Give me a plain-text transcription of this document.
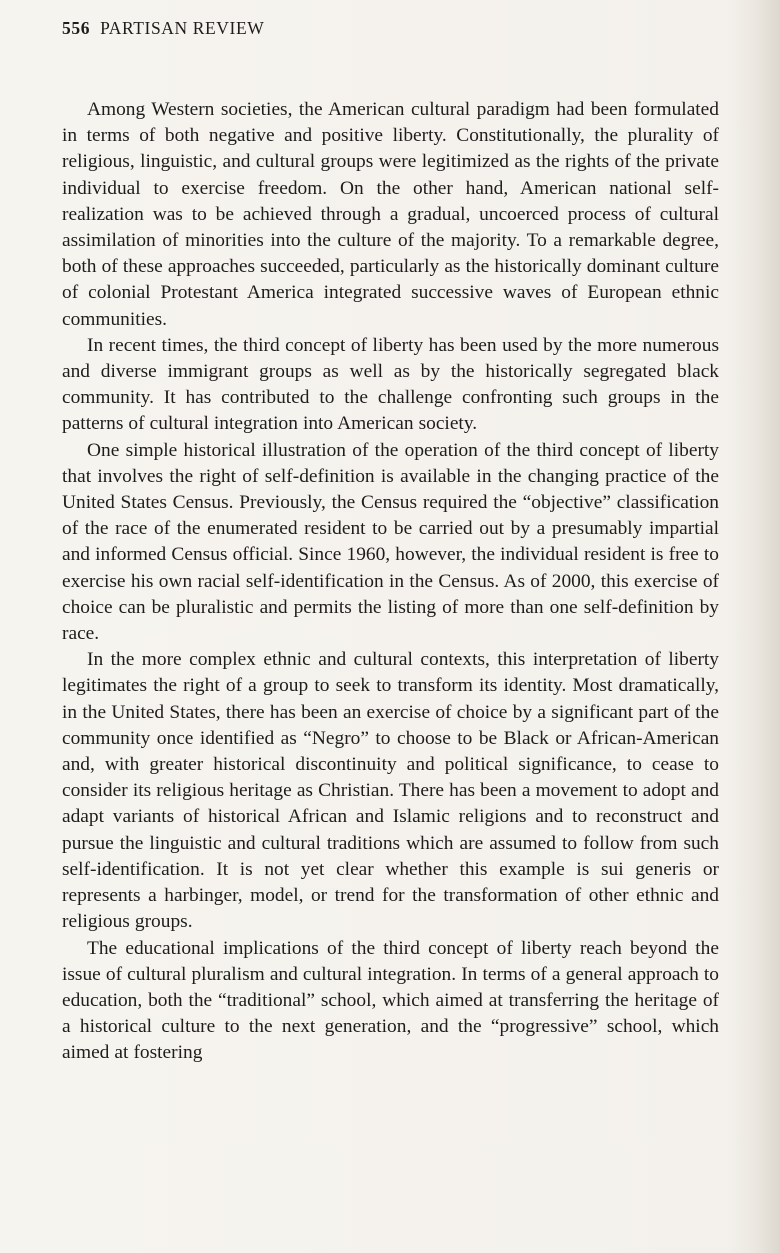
556 PARTISAN REVIEW

Among Western societies, the American cultural paradigm had been formulated in terms of both negative and positive liberty. Constitutionally, the plurality of religious, linguistic, and cultural groups were legitimized as the rights of the private individual to exercise freedom. On the other hand, American national self-realization was to be achieved through a gradual, uncoerced process of cultural assimilation of minorities into the culture of the majority. To a remarkable degree, both of these approaches succeeded, particularly as the historically dominant culture of colonial Protestant America integrated successive waves of European ethnic communities.

In recent times, the third concept of liberty has been used by the more numerous and diverse immigrant groups as well as by the historically segregated black community. It has contributed to the challenge confronting such groups in the patterns of cultural integration into American society.

One simple historical illustration of the operation of the third concept of liberty that involves the right of self-definition is available in the changing practice of the United States Census. Previously, the Census required the “objective” classification of the race of the enumerated resident to be carried out by a presumably impartial and informed Census official. Since 1960, however, the individual resident is free to exercise his own racial self-identification in the Census. As of 2000, this exercise of choice can be pluralistic and permits the listing of more than one self-definition by race.

In the more complex ethnic and cultural contexts, this interpretation of liberty legitimates the right of a group to seek to transform its identity. Most dramatically, in the United States, there has been an exercise of choice by a significant part of the community once identified as “Negro” to choose to be Black or African-American and, with greater historical discontinuity and political significance, to cease to consider its religious heritage as Christian. There has been a movement to adopt and adapt variants of historical African and Islamic religions and to reconstruct and pursue the linguistic and cultural traditions which are assumed to follow from such self-identification. It is not yet clear whether this example is sui generis or represents a harbinger, model, or trend for the transformation of other ethnic and religious groups.

The educational implications of the third concept of liberty reach beyond the issue of cultural pluralism and cultural integration. In terms of a general approach to education, both the “traditional” school, which aimed at transferring the heritage of a historical culture to the next generation, and the “progressive” school, which aimed at fostering
